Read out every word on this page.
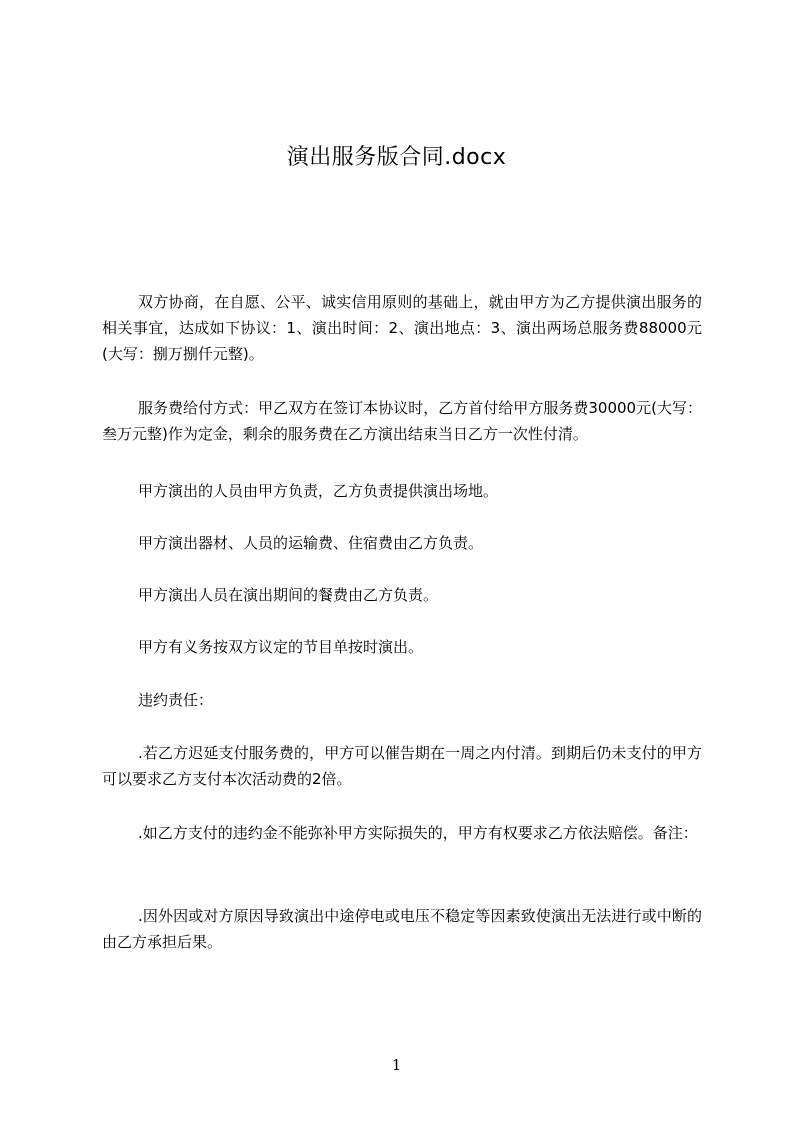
演出服务版合同.docx

双方协商，在自愿、公平、诚实信用原则的基础上，就由甲方为乙方提供演出服务的相关事宜，达成如下协议：1、演出时间：2、演出地点：3、演出两场总服务费88000元(大写：捌万捌仟元整)。

服务费给付方式：甲乙双方在签订本协议时，乙方首付给甲方服务费30000元(大写：叁万元整)作为定金，剩余的服务费在乙方演出结束当日乙方一次性付清。

甲方演出的人员由甲方负责，乙方负责提供演出场地。

甲方演出器材、人员的运输费、住宿费由乙方负责。

甲方演出人员在演出期间的餐费由乙方负责。

甲方有义务按双方议定的节目单按时演出。

违约责任：

.若乙方迟延支付服务费的，甲方可以催告期在一周之内付清。到期后仍未支付的甲方可以要求乙方支付本次活动费的2倍。

.如乙方支付的违约金不能弥补甲方实际损失的，甲方有权要求乙方依法赔偿。备注：

.因外因或对方原因导致演出中途停电或电压不稳定等因素致使演出无法进行或中断的由乙方承担后果。

1
